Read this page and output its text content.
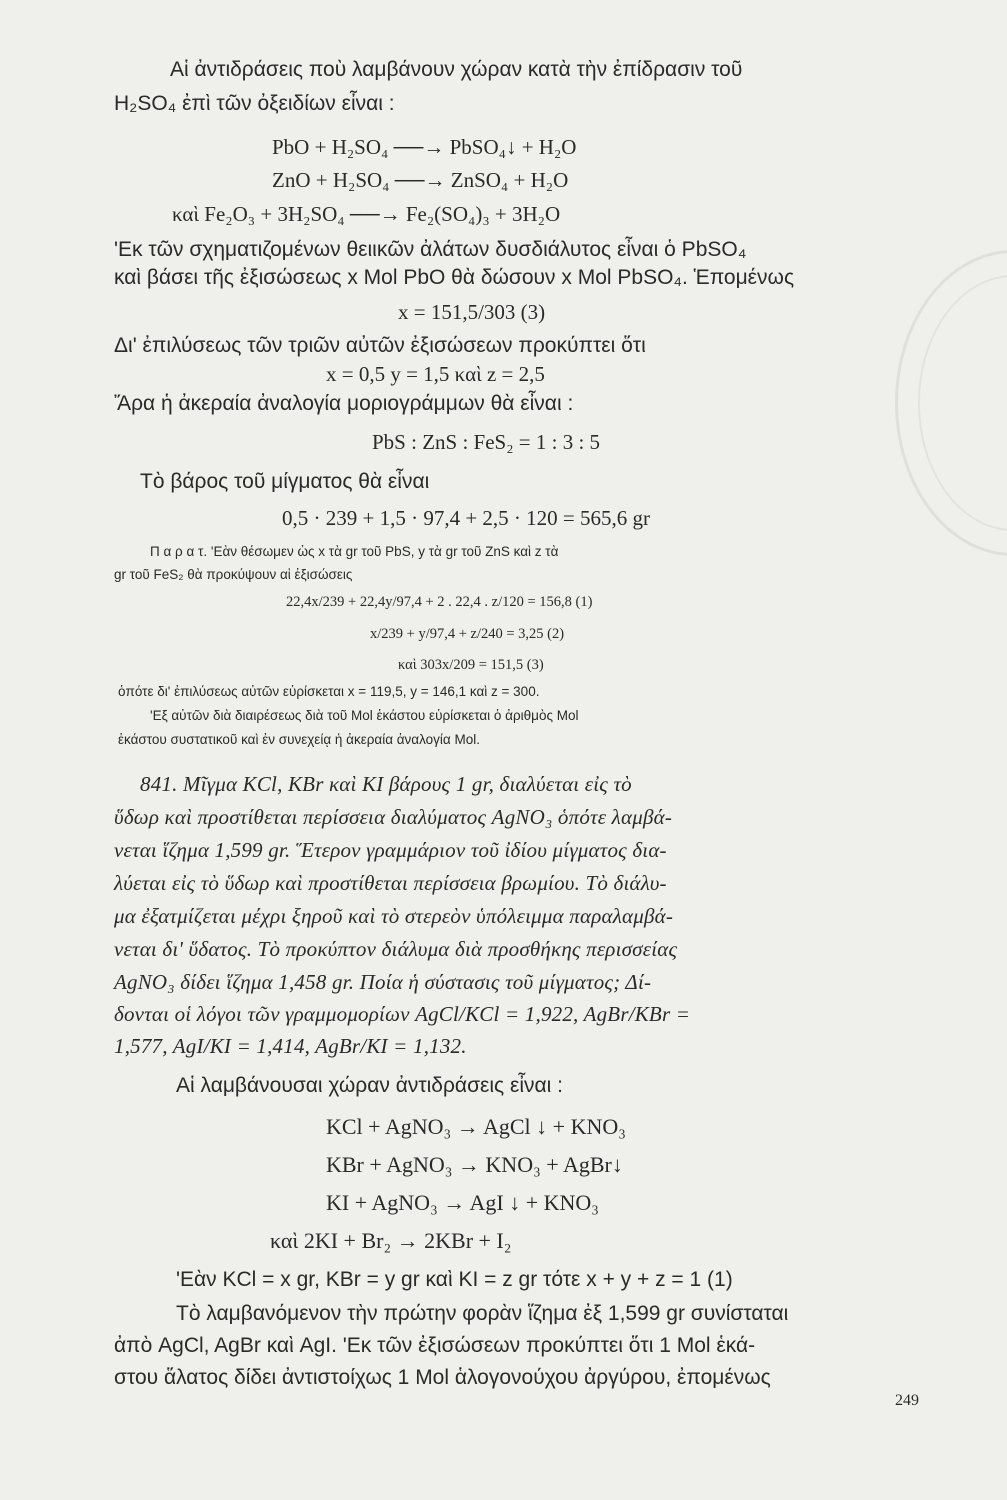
Αἱ ἀντιδράσεις ποὺ λαμβάνουν χώραν κατὰ τὴν ἐπίδρασιν τοῦ
H₂SO₄ ἐπὶ τῶν ὀξειδίων εἶναι :
PbO + H₂SO₄ ──→ PbSO₄↓ + H₂O
ZnO + H₂SO₄ ──→ ZnSO₄ + H₂O
καὶ Fe₂O₃ + 3H₂SO₄ ──→ Fe₂(SO₄)₃ + 3H₂O
'Εκ τῶν σχηματιζομένων θειικῶν ἀλάτων δυσδιάλυτος εἶναι ὁ PbSO₄
καὶ βάσει τῆς ἐξισώσεως x Mol PbO θὰ δώσουν x Mol PbSO₄. Ἑπομένως
x = 151,5/303 (3)
Δι' ἐπιλύσεως τῶν τριῶν αὐτῶν ἐξισώσεων προκύπτει ὅτι
x = 0,5 y = 1,5 καὶ z = 2,5
Ἄρα ἡ ἀκεραία ἀναλογία μοριογράμμων θὰ εἶναι :
PbS : ZnS : FeS₂ = 1 : 3 : 5
Τὸ βάρος τοῦ μίγματος θὰ εἶναι
0,5 · 239 + 1,5 · 97,4 + 2,5 · 120 = 565,6 gr
Π α ρ α τ. 'Εὰν θέσωμεν ὡς x τὰ gr τοῦ PbS, y τὰ gr τοῦ ZnS καὶ z τὰ
gr τοῦ FeS₂ θὰ προκύψουν αἱ ἐξισώσεις
22,4x/239 + 22,4y/97,4 + 2 . 22,4 . z/120 = 156,8 (1)
x/239 + y/97,4 + z/240 = 3,25 (2)
καὶ 303x/209 = 151,5 (3)
ὁπότε δι' ἐπιλύσεως αὐτῶν εὑρίσκεται x = 119,5, y = 146,1 καὶ z = 300.
'Εξ αὐτῶν διὰ διαιρέσεως διὰ τοῦ Mol ἑκάστου εὑρίσκεται ὁ ἀριθμὸς Mol
ἑκάστου συστατικοῦ καὶ ἐν συνεχείᾳ ἡ ἀκεραία ἀναλογία Mol.
841. Μῖγμα KCl, KBr καὶ KI βάρους 1 gr, διαλύεται εἰς τὸ
ὕδωρ καὶ προστίθεται περίσσεια διαλύματος AgNO₃ ὁπότε λαμβά-
νεται ἵζημα 1,599 gr. Ἕτερον γραμμάριον τοῦ ἰδίου μίγματος δια-
λύεται εἰς τὸ ὕδωρ καὶ προστίθεται περίσσεια βρωμίου. Τὸ διάλυ-
μα ἐξατμίζεται μέχρι ξηροῦ καὶ τὸ στερεὸν ὑπόλειμμα παραλαμβά-
νεται δι' ὕδατος. Τὸ προκύπτον διάλυμα διὰ προσθήκης περισσείας
AgNO₃ δίδει ἵζημα 1,458 gr. Ποία ἡ σύστασις τοῦ μίγματος; Δί-
δονται οἱ λόγοι τῶν γραμμομορίων AgCl/KCl = 1,922, AgBr/KBr =
1,577, AgI/KI = 1,414, AgBr/KI = 1,132.
Αἱ λαμβάνουσαι χώραν ἀντιδράσεις εἶναι :
KCl + AgNO₃ → AgCl ↓ + KNO₃
KBr + AgNO₃ → KNO₃ + AgBr↓
KI + AgNO₃ → AgI ↓ + KNO₃
καὶ 2KI + Br₂ → 2KBr + I₂
'Εὰν KCl = x gr, KBr = y gr καὶ KI = z gr τότε x + y + z = 1 (1)
Τὸ λαμβανόμενον τὴν πρώτην φορὰν ἵζημα ἐξ 1,599 gr συνίσταται
ἀπὸ AgCl, AgBr καὶ AgI. 'Εκ τῶν ἐξισώσεων προκύπτει ὅτι 1 Mol ἑκά-
στου ἅλατος δίδει ἀντιστοίχως 1 Mol ἁλογονούχου ἀργύρου, ἐπομένως
249
